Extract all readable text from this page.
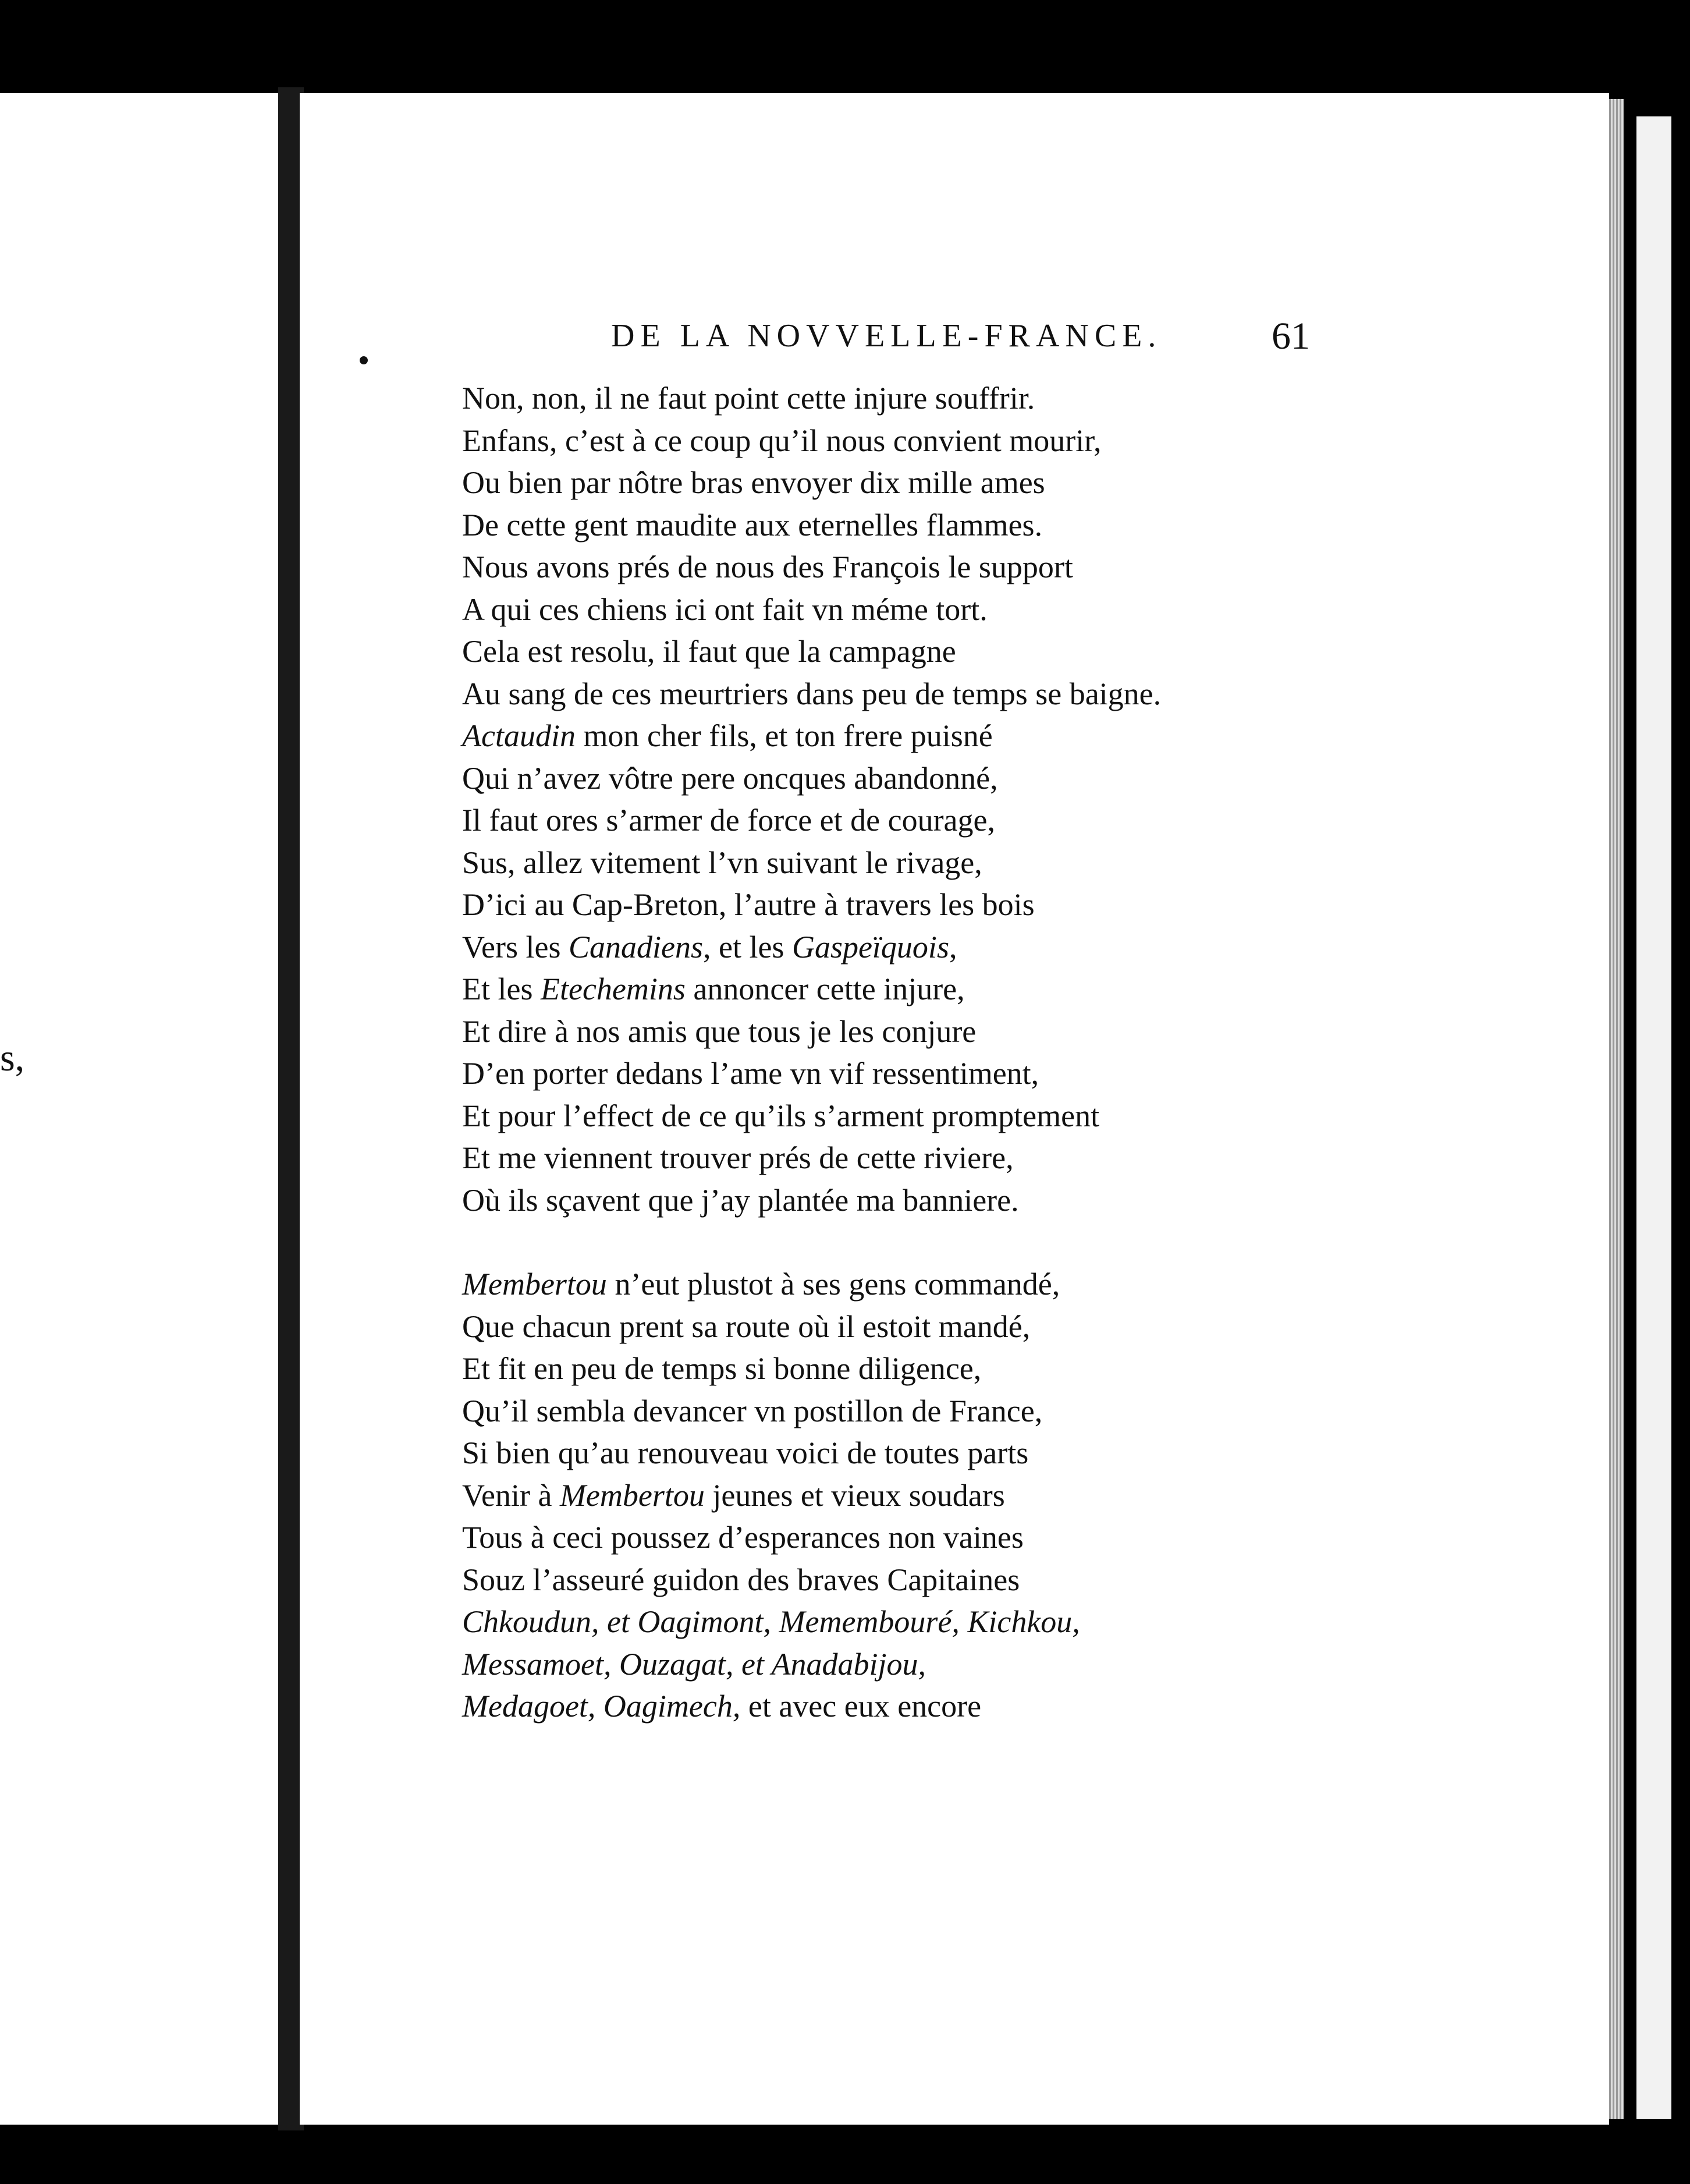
s,
DE LA NOVVELLE-FRANCE.	61
Non, non, il ne faut point cette injure souffrir.
Enfans, c’est à ce coup qu’il nous convient mourir,
Ou bien par nôtre bras envoyer dix mille ames
De cette gent maudite aux eternelles flammes.
Nous avons prés de nous des François le support
A qui ces chiens ici ont fait vn méme tort.
Cela est resolu, il faut que la campagne
Au sang de ces meurtriers dans peu de temps se baigne.
Actaudin mon cher fils, et ton frere puisné
Qui n’avez vôtre pere oncques abandonné,
Il faut ores s’armer de force et de courage,
Sus, allez vitement l’vn suivant le rivage,
D’ici au Cap-Breton, l’autre à travers les bois
Vers les Canadiens, et les Gaspeïquois,
Et les Etechemins annoncer cette injure,
Et dire à nos amis que tous je les conjure
D’en porter dedans l’ame vn vif ressentiment,
Et pour l’effect de ce qu’ils s’arment promptement
Et me viennent trouver prés de cette riviere,
Où ils sçavent que j’ay plantée ma banniere.
Membertou n’eut plustot à ses gens commandé,
Que chacun prent sa route où il estoit mandé,
Et fit en peu de temps si bonne diligence,
Qu’il sembla devancer vn postillon de France,
Si bien qu’au renouveau voici de toutes parts
Venir à Membertou jeunes et vieux soudars
Tous à ceci poussez d’esperances non vaines
Souz l’asseuré guidon des braves Capitaines
Chkoudun, et Oagimont, Memembouré, Kichkou,
Messamoet, Ouzagat, et Anadabijou,
Medagoet, Oagimech, et avec eux encore
